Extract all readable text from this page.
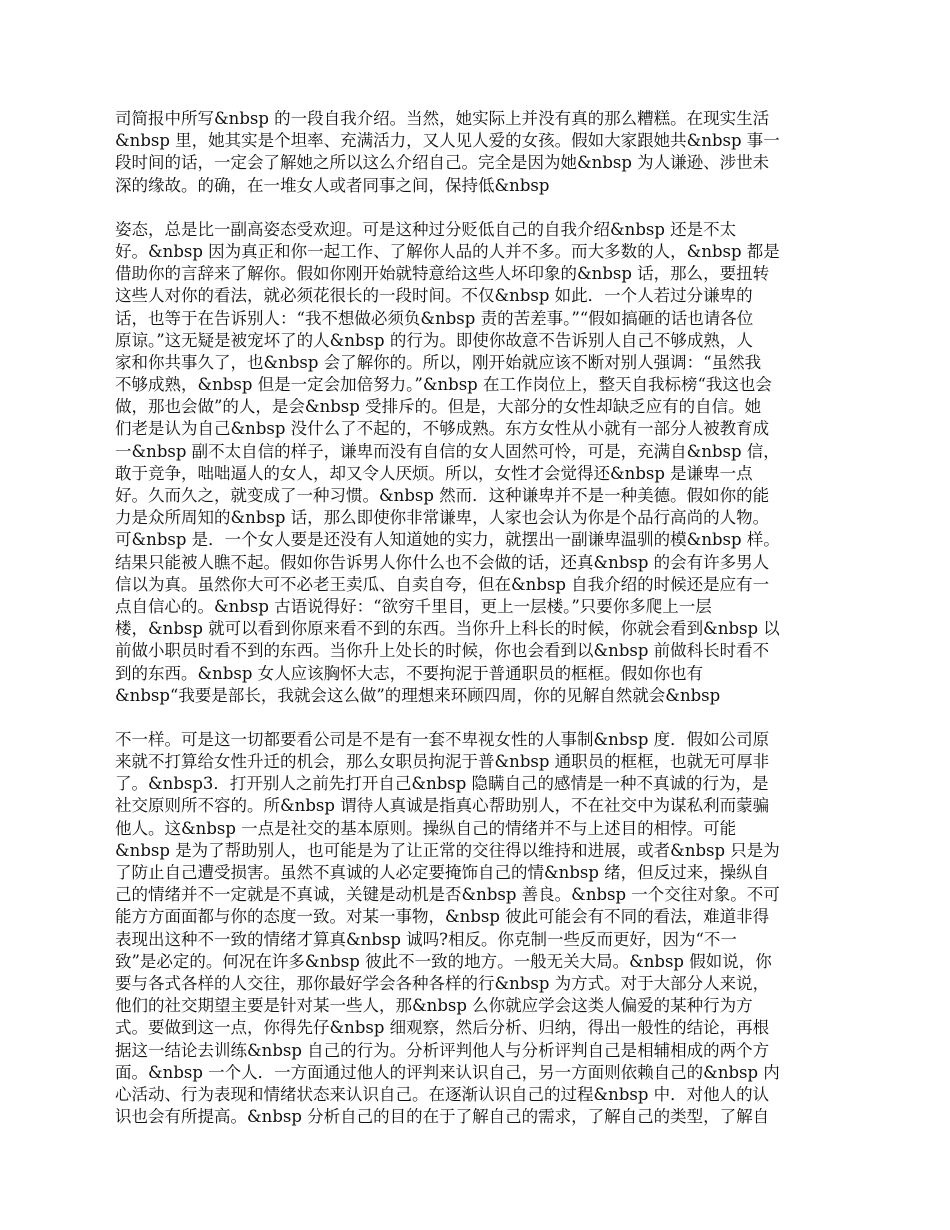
司简报中所写&nbsp 的一段自我介绍。当然，她实际上并没有真的那么糟糕。在现实生活
&nbsp 里，她其实是个坦率、充满活力，又人见人爱的女孩。假如大家跟她共&nbsp 事一
段时间的话，一定会了解她之所以这么介绍自己。完全是因为她&nbsp 为人谦逊、涉世未
深的缘故。的确，在一堆女人或者同事之间，保持低&nbsp
姿态，总是比一副高姿态受欢迎。可是这种过分贬低自己的自我介绍&nbsp 还是不太
好。&nbsp 因为真正和你一起工作、了解你人品的人并不多。而大多数的人，&nbsp 都是
借助你的言辞来了解你。假如你刚开始就特意给这些人坏印象的&nbsp 话，那么，要扭转
这些人对你的看法，就必须花很长的一段时间。不仅&nbsp 如此．一个人若过分谦卑的
话，也等于在告诉别人：“我不想做必须负&nbsp 责的苦差事。”“假如搞砸的话也请各位
原谅。”这无疑是被宠坏了的人&nbsp 的行为。即使你故意不告诉别人自己不够成熟，人
家和你共事久了，也&nbsp 会了解你的。所以，刚开始就应该不断对别人强调：“虽然我
不够成熟，&nbsp 但是一定会加倍努力。”&nbsp 在工作岗位上，整天自我标榜“我这也会
做，那也会做”的人，是会&nbsp 受排斥的。但是，大部分的女性却缺乏应有的自信。她
们老是认为自己&nbsp 没什么了不起的，不够成熟。东方女性从小就有一部分人被教育成
一&nbsp 副不太自信的样子，谦卑而没有自信的女人固然可怜，可是，充满自&nbsp 信，
敢于竞争，咄咄逼人的女人，却又令人厌烦。所以，女性才会觉得还&nbsp 是谦卑一点
好。久而久之，就变成了一种习惯。&nbsp 然而．这种谦卑并不是一种美德。假如你的能
力是众所周知的&nbsp 话，那么即使你非常谦卑，人家也会认为你是个品行高尚的人物。
可&nbsp 是．一个女人要是还没有人知道她的实力，就摆出一副谦卑温驯的模&nbsp 样。
结果只能被人瞧不起。假如你告诉男人你什么也不会做的话，还真&nbsp 的会有许多男人
信以为真。虽然你大可不必老王卖瓜、自卖自夸，但在&nbsp 自我介绍的时候还是应有一
点自信心的。&nbsp 古语说得好：“欲穷千里目，更上一层楼。”只要你多爬上一层
楼，&nbsp 就可以看到你原来看不到的东西。当你升上科长的时候，你就会看到&nbsp 以
前做小职员时看不到的东西。当你升上处长的时候，你也会看到以&nbsp 前做科长时看不
到的东西。&nbsp 女人应该胸怀大志，不要拘泥于普通职员的框框。假如你也有
&nbsp“我要是部长，我就会这么做”的理想来环顾四周，你的见解自然就会&nbsp
不一样。可是这一切都要看公司是不是有一套不卑视女性的人事制&nbsp 度．假如公司原
来就不打算给女性升迁的机会，那么女职员拘泥于普&nbsp 通职员的框框，也就无可厚非
了。&nbsp3．打开别人之前先打开自己&nbsp 隐瞒自己的感情是一种不真诚的行为，是
社交原则所不容的。所&nbsp 谓待人真诚是指真心帮助别人，不在社交中为谋私利而蒙骗
他人。这&nbsp 一点是社交的基本原则。操纵自己的情绪并不与上述目的相悖。可能
&nbsp 是为了帮助别人，也可能是为了让正常的交往得以维持和进展，或者&nbsp 只是为
了防止自己遭受损害。虽然不真诚的人必定要掩饰自己的情&nbsp 绪，但反过来，操纵自
己的情绪并不一定就是不真诚，关键是动机是否&nbsp 善良。&nbsp 一个交往对象。不可
能方方面面都与你的态度一致。对某一事物，&nbsp 彼此可能会有不同的看法，难道非得
表现出这种不一致的情绪才算真&nbsp 诚吗?相反。你克制一些反而更好，因为“不一
致”是必定的。何况在许多&nbsp 彼此不一致的地方。一般无关大局。&nbsp 假如说，你
要与各式各样的人交往，那你最好学会各种各样的行&nbsp 为方式。对于大部分人来说，
他们的社交期望主要是针对某一些人，那&nbsp 么你就应学会这类人偏爱的某种行为方
式。要做到这一点，你得先仔&nbsp 细观察，然后分析、归纳，得出一般性的结论，再根
据这一结论去训练&nbsp 自己的行为。分析评判他人与分析评判自己是相辅相成的两个方
面。&nbsp 一个人．一方面通过他人的评判来认识自己，另一方面则依赖自己的&nbsp 内
心活动、行为表现和情绪状态来认识自己。在逐渐认识自己的过程&nbsp 中．对他人的认
识也会有所提高。&nbsp 分析自己的目的在于了解自己的需求，了解自己的类型，了解自
